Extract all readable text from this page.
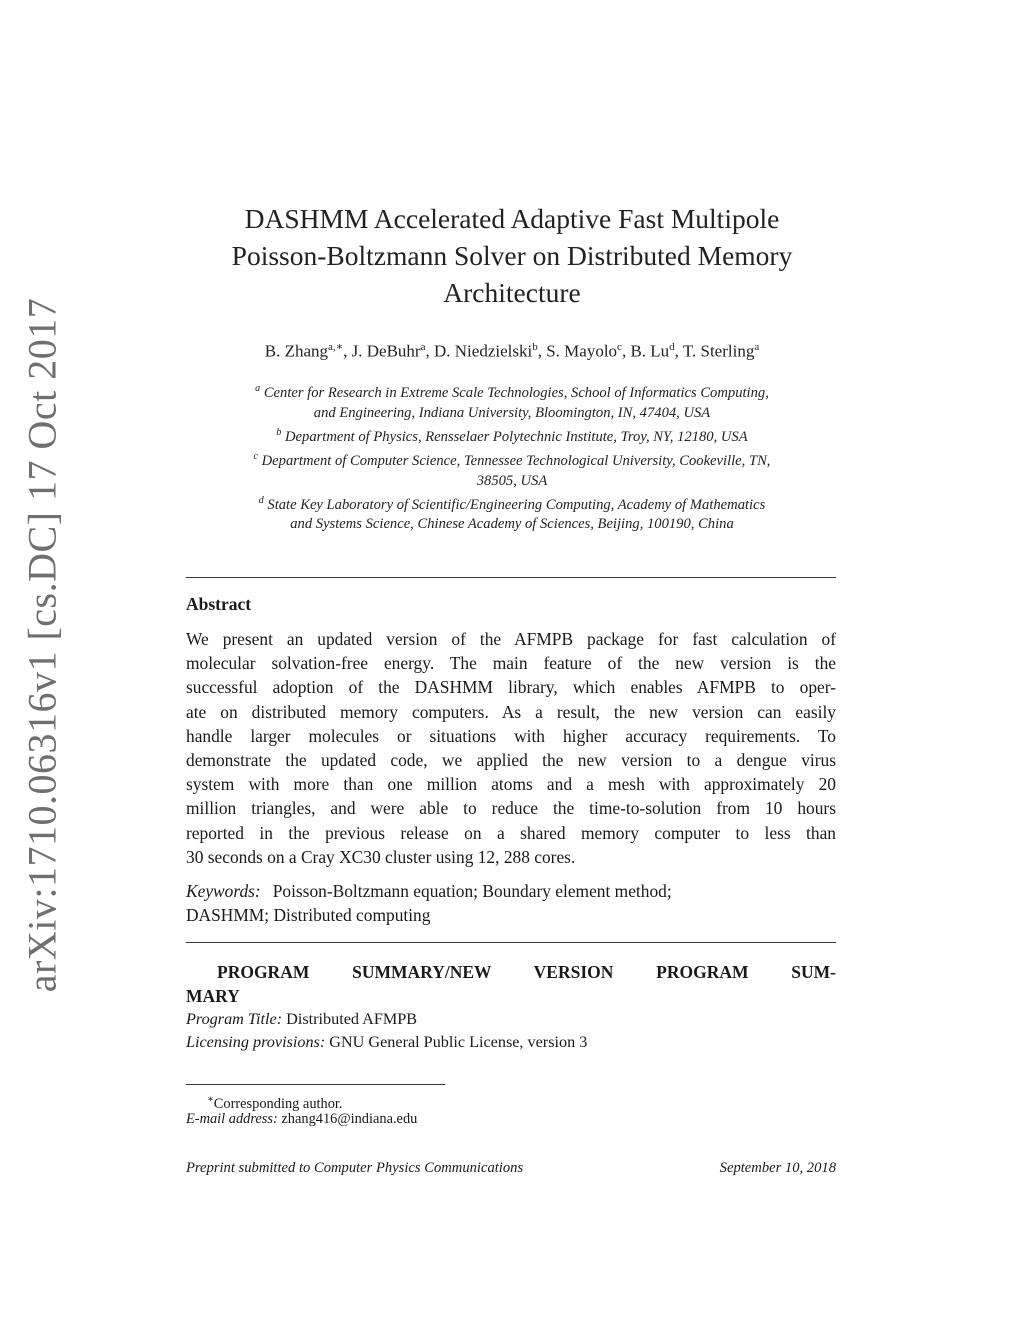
arXiv:1710.06316v1 [cs.DC] 17 Oct 2017
DASHMM Accelerated Adaptive Fast Multipole
Poisson-Boltzmann Solver on Distributed Memory
Architecture
B. Zhang$^{a,∗}$, J. DeBuhr$^a$, D. Niedzielski$^b$, S. Mayolo$^c$, B. Lu$^d$, T. Sterling$^a$

$^a$ Center for Research in Extreme Scale Technologies, School of Informatics Computing,

and Engineering, Indiana University, Bloomington, IN, 47404, USA

$^b$ Department of Physics, Rensselaer Polytechnic Institute, Troy, NY, 12180, USA

$^c$ Department of Computer Science, Tennessee Technological University, Cookeville, TN,

38505, USA

$^d$ State Key Laboratory of Scientific/Engineering Computing, Academy of Mathematics

and Systems Science, Chinese Academy of Sciences, Beijing, 100190, China

Abstract
We present an updated version of the AFMPB package for fast calculation of
molecular solvation-free energy. The main feature of the new version is the
successful adoption of the DASHMM library, which enables AFMPB to oper-
ate on distributed memory computers. As a result, the new version can easily
handle larger molecules or situations with higher accuracy requirements. To
demonstrate the updated code, we applied the new version to a dengue virus
system with more than one million atoms and a mesh with approximately 20
million triangles, and were able to reduce the time-to-solution from 10 hours
reported in the previous release on a shared memory computer to less than
30 seconds on a Cray XC30 cluster using 12, 288 cores.
Keywords: Poisson-Boltzmann equation; Boundary element method;
DASHMM; Distributed computing
PROGRAM SUMMARY/NEW VERSION PROGRAM SUM-
MARY
Program Title: Distributed AFMPB
Licensing provisions: GNU General Public License, version 3
∗Corresponding author.
E-mail address: zhang416@indiana.edu
Preprint submitted to Computer Physics Communications	September 10, 2018
